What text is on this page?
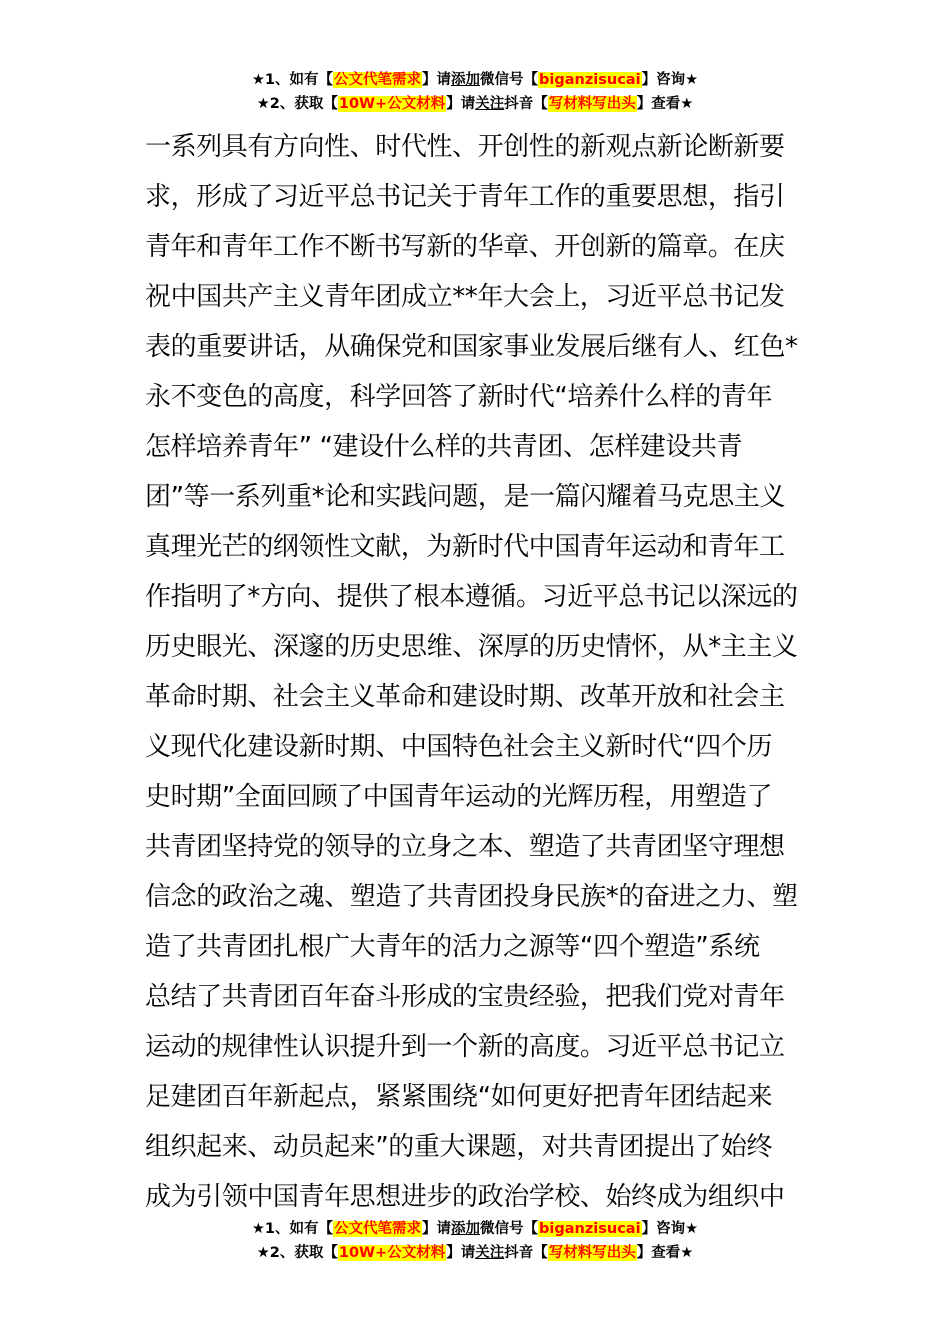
★1、如有【公文代笔需求】请添加微信号【biganzisucai】咨询★
★2、获取【10W+公文材料】请关注抖音【写材料写出头】查看★
一系列具有方向性、时代性、开创性的新观点新论断新要
求，形成了习近平总书记关于青年工作的重要思想，指引
青年和青年工作不断书写新的华章、开创新的篇章。在庆
祝中国共产主义青年团成立**年大会上，习近平总书记发
表的重要讲话，从确保党和国家事业发展后继有人、红色*
永不变色的高度，科学回答了新时代“培养什么样的青年
怎样培养青年” “建设什么样的共青团、怎样建设共青
团”等一系列重*论和实践问题，是一篇闪耀着马克思主义
真理光芒的纲领性文献，为新时代中国青年运动和青年工
作指明了*方向、提供了根本遵循。习近平总书记以深远的
历史眼光、深邃的历史思维、深厚的历史情怀，从*主主义
革命时期、社会主义革命和建设时期、改革开放和社会主
义现代化建设新时期、中国特色社会主义新时代“四个历
史时期”全面回顾了中国青年运动的光辉历程，用塑造了
共青团坚持党的领导的立身之本、塑造了共青团坚守理想
信念的政治之魂、塑造了共青团投身民族*的奋进之力、塑
造了共青团扎根广大青年的活力之源等“四个塑造”系统
总结了共青团百年奋斗形成的宝贵经验，把我们党对青年
运动的规律性认识提升到一个新的高度。习近平总书记立
足建团百年新起点，紧紧围绕“如何更好把青年团结起来
组织起来、动员起来”的重大课题，对共青团提出了始终
成为引领中国青年思想进步的政治学校、始终成为组织中
★1、如有【公文代笔需求】请添加微信号【biganzisucai】咨询★
★2、获取【10W+公文材料】请关注抖音【写材料写出头】查看★
